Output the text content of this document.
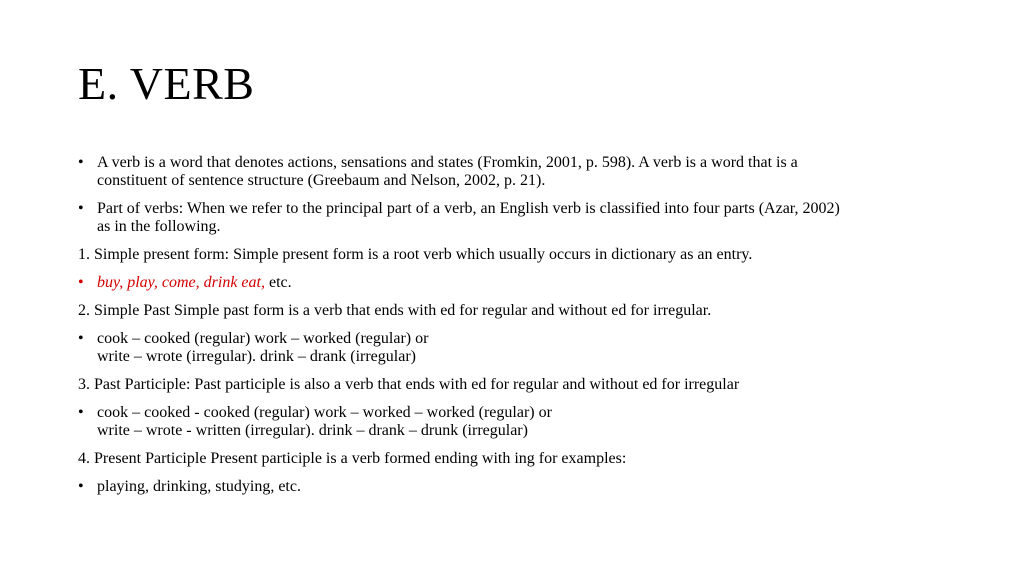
E. VERB
• A verb is a word that denotes actions, sensations and states (Fromkin, 2001, p. 598). A verb is a word that is a
constituent of sentence structure (Greebaum and Nelson, 2002, p. 21).
• Part of verbs: When we refer to the principal part of a verb, an English verb is classified into four parts (Azar, 2002)
as in the following.
1. Simple present form: Simple present form is a root verb which usually occurs in dictionary as an entry.
• buy, play, come, drink eat, etc.
2. Simple Past Simple past form is a verb that ends with ed for regular and without ed for irregular.
• cook – cooked (regular) work – worked (regular) or
write – wrote (irregular). drink – drank (irregular)
3. Past Participle: Past participle is also a verb that ends with ed for regular and without ed for irregular
• cook – cooked - cooked (regular) work – worked – worked (regular) or
write – wrote - written (irregular). drink – drank – drunk (irregular)
4. Present Participle Present participle is a verb formed ending with ing for examples:
• playing, drinking, studying, etc.
